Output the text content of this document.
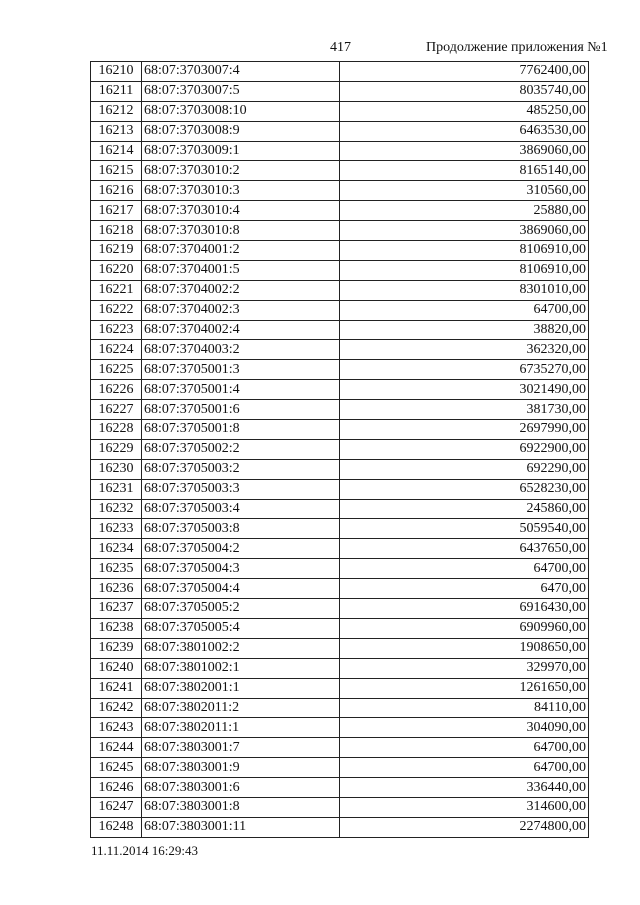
417	Продолжение приложения №1
16210	68:07:3703007:4	7762400,00
16211	68:07:3703007:5	8035740,00
16212	68:07:3703008:10	485250,00
16213	68:07:3703008:9	6463530,00
16214	68:07:3703009:1	3869060,00
16215	68:07:3703010:2	8165140,00
16216	68:07:3703010:3	310560,00
16217	68:07:3703010:4	25880,00
16218	68:07:3703010:8	3869060,00
16219	68:07:3704001:2	8106910,00
16220	68:07:3704001:5	8106910,00
16221	68:07:3704002:2	8301010,00
16222	68:07:3704002:3	64700,00
16223	68:07:3704002:4	38820,00
16224	68:07:3704003:2	362320,00
16225	68:07:3705001:3	6735270,00
16226	68:07:3705001:4	3021490,00
16227	68:07:3705001:6	381730,00
16228	68:07:3705001:8	2697990,00
16229	68:07:3705002:2	6922900,00
16230	68:07:3705003:2	692290,00
16231	68:07:3705003:3	6528230,00
16232	68:07:3705003:4	245860,00
16233	68:07:3705003:8	5059540,00
16234	68:07:3705004:2	6437650,00
16235	68:07:3705004:3	64700,00
16236	68:07:3705004:4	6470,00
16237	68:07:3705005:2	6916430,00
16238	68:07:3705005:4	6909960,00
16239	68:07:3801002:2	1908650,00
16240	68:07:3801002:1	329970,00
16241	68:07:3802001:1	1261650,00
16242	68:07:3802011:2	84110,00
16243	68:07:3802011:1	304090,00
16244	68:07:3803001:7	64700,00
16245	68:07:3803001:9	64700,00
16246	68:07:3803001:6	336440,00
16247	68:07:3803001:8	314600,00
16248	68:07:3803001:11	2274800,00
11.11.2014 16:29:43
